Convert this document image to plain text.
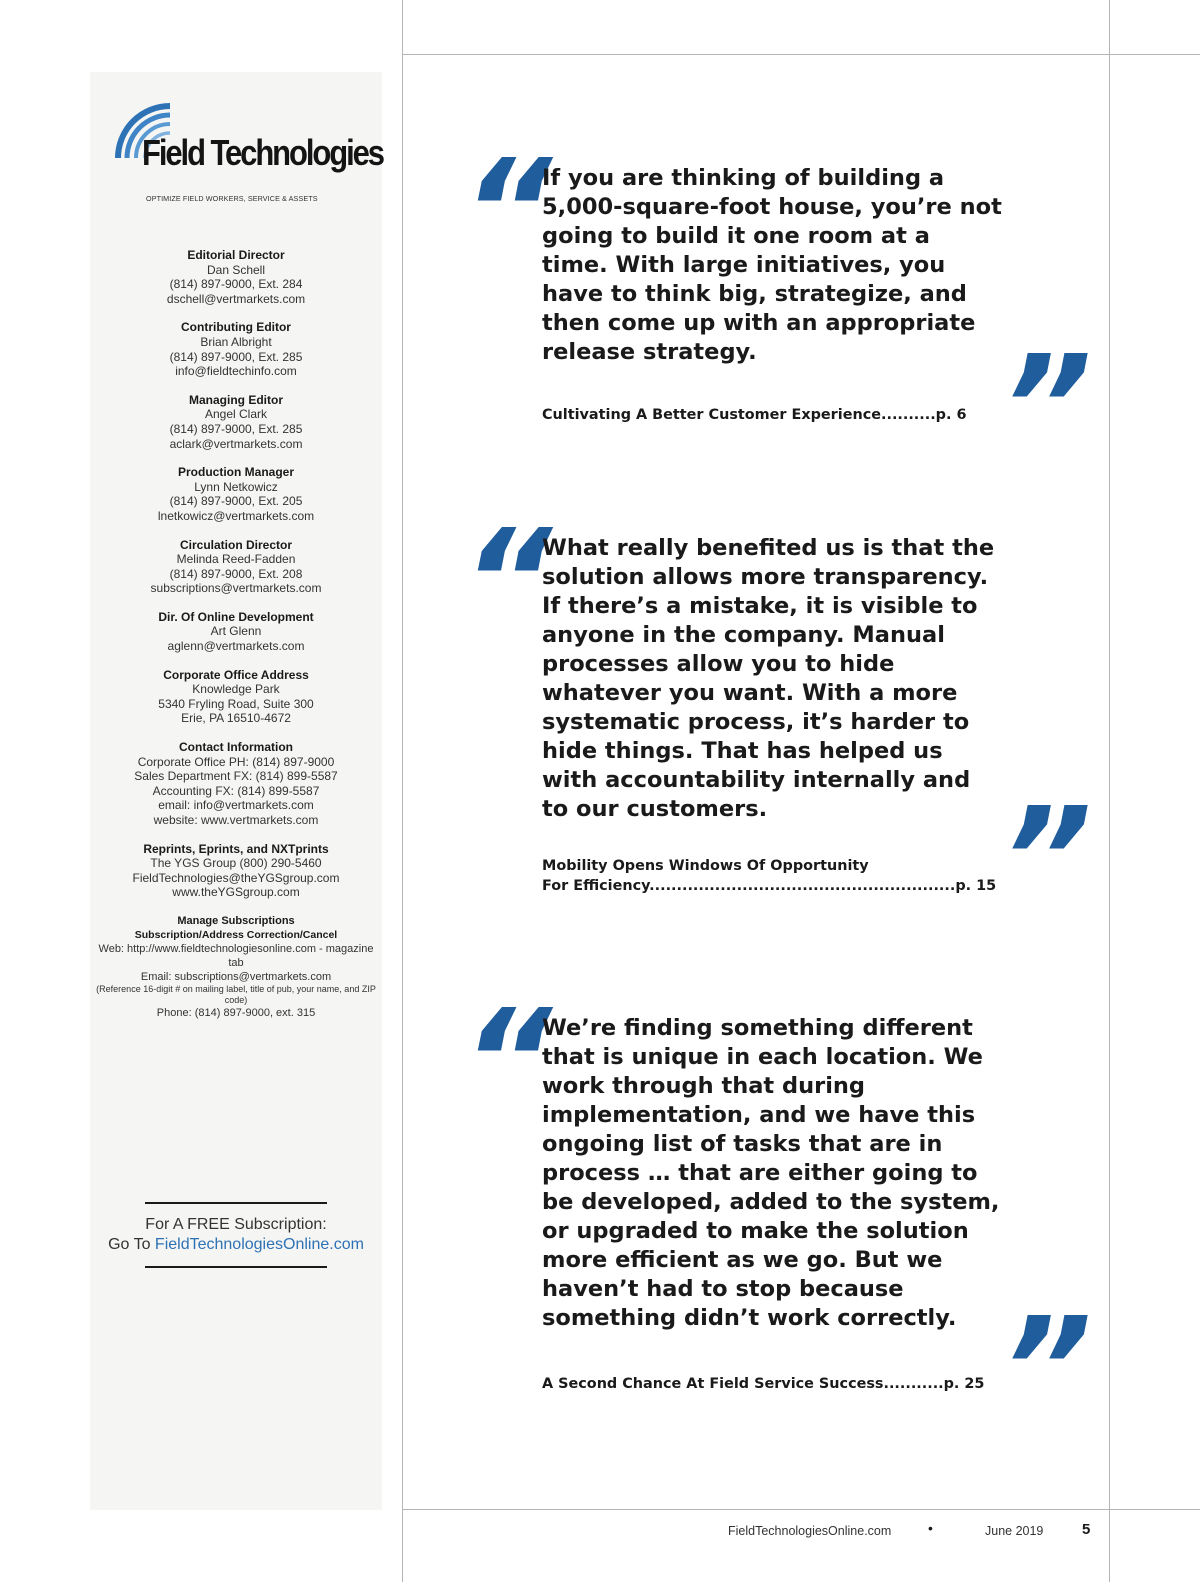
Field Technologies
OPTIMIZE FIELD WORKERS, SERVICE & ASSETS
Editorial Director
Dan Schell
(814) 897-9000, Ext. 284
dschell@vertmarkets.com
Contributing Editor
Brian Albright
(814) 897-9000, Ext. 285
info@fieldtechinfo.com
Managing Editor
Angel Clark
(814) 897-9000, Ext. 285
aclark@vertmarkets.com
Production Manager
Lynn Netkowicz
(814) 897-9000, Ext. 205
lnetkowicz@vertmarkets.com
Circulation Director
Melinda Reed-Fadden
(814) 897-9000, Ext. 208
subscriptions@vertmarkets.com
Dir. Of Online Development
Art Glenn
aglenn@vertmarkets.com
Corporate Office Address
Knowledge Park
5340 Fryling Road, Suite 300
Erie, PA 16510-4672
Contact Information
Corporate Office PH: (814) 897-9000
Sales Department FX: (814) 899-5587
Accounting FX: (814) 899-5587
email: info@vertmarkets.com
website: www.vertmarkets.com
Reprints, Eprints, and NXTprints
The YGS Group (800) 290-5460
FieldTechnologies@theYGSgroup.com
www.theYGSgroup.com
Manage Subscriptions
Subscription/Address Correction/Cancel
Web: http://www.fieldtechnologiesonline.com - magazine tab
Email: subscriptions@vertmarkets.com
(Reference 16-digit # on mailing label, title of pub, your name, and ZIP code)
Phone: (814) 897-9000, ext. 315
For A FREE Subscription:
Go To FieldTechnologiesOnline.com
“
If you are thinking of building a 5,000-square-foot house, you’re not going to build it one room at a time. With large initiatives, you have to think big, strategize, and then come up with an appropriate release strategy.	”
Cultivating A Better Customer Experience..........p. 6
“
What really benefited us is that the solution allows more transparency. If there’s a mistake, it is visible to anyone in the company. Manual processes allow you to hide whatever you want. With a more systematic process, it’s harder to hide things. That has helped us with accountability internally and to our customers.	”
Mobility Opens Windows Of Opportunity
For Efficiency........................................................p. 15
“
We’re finding something different that is unique in each location. We work through that during implementation, and we have this ongoing list of tasks that are in process … that are either going to be developed, added to the system, or upgraded to make the solution more efficient as we go. But we haven’t had to stop because something didn’t work correctly. ”
A Second Chance At Field Service Success...........p. 25
FieldTechnologiesOnline.com	•	June 2019	5
